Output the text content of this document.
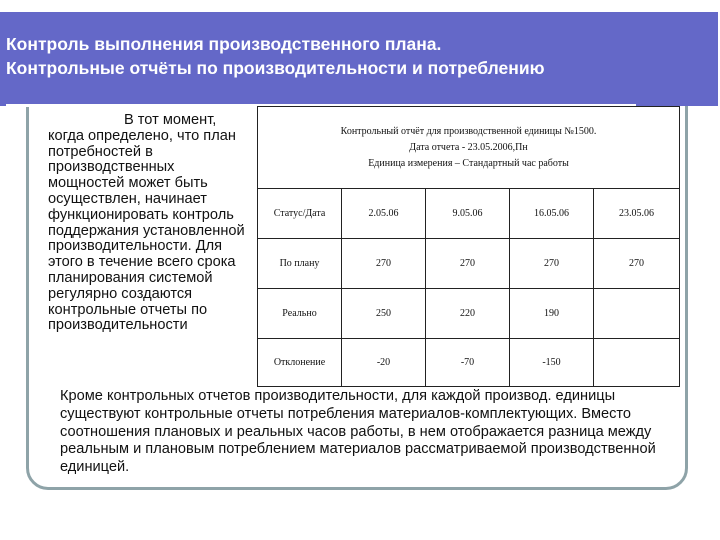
Контроль выполнения производственного плана.
Контрольные отчёты по производительности и потреблению

В тот момент, когда определено, что план потребностей в производственных мощностей может быть осуществлен, начинает функционировать контроль поддержания установленной производительности. Для этого в течение всего срока планирования системой регулярно создаются контрольные отчеты по производительности

Контрольный отчёт для производственной единицы №1500.
Дата отчета - 23.05.2006,Пн
Единица измерения – Стандартный час работы				

Статус/Дата	2.05.06	9.05.06	16.05.06	23.05.06
По плану	270	270	270	270
Реально	250	220	190	
Отклонение	-20	-70	-150	

Кроме контрольных отчетов производительности, для каждой производ. единицы существуют контрольные отчеты потребления материалов-комплектующих. Вместо соотношения плановых и реальных часов работы, в нем отображается разница между реальным и плановым потреблением материалов рассматриваемой производственной единицей.
